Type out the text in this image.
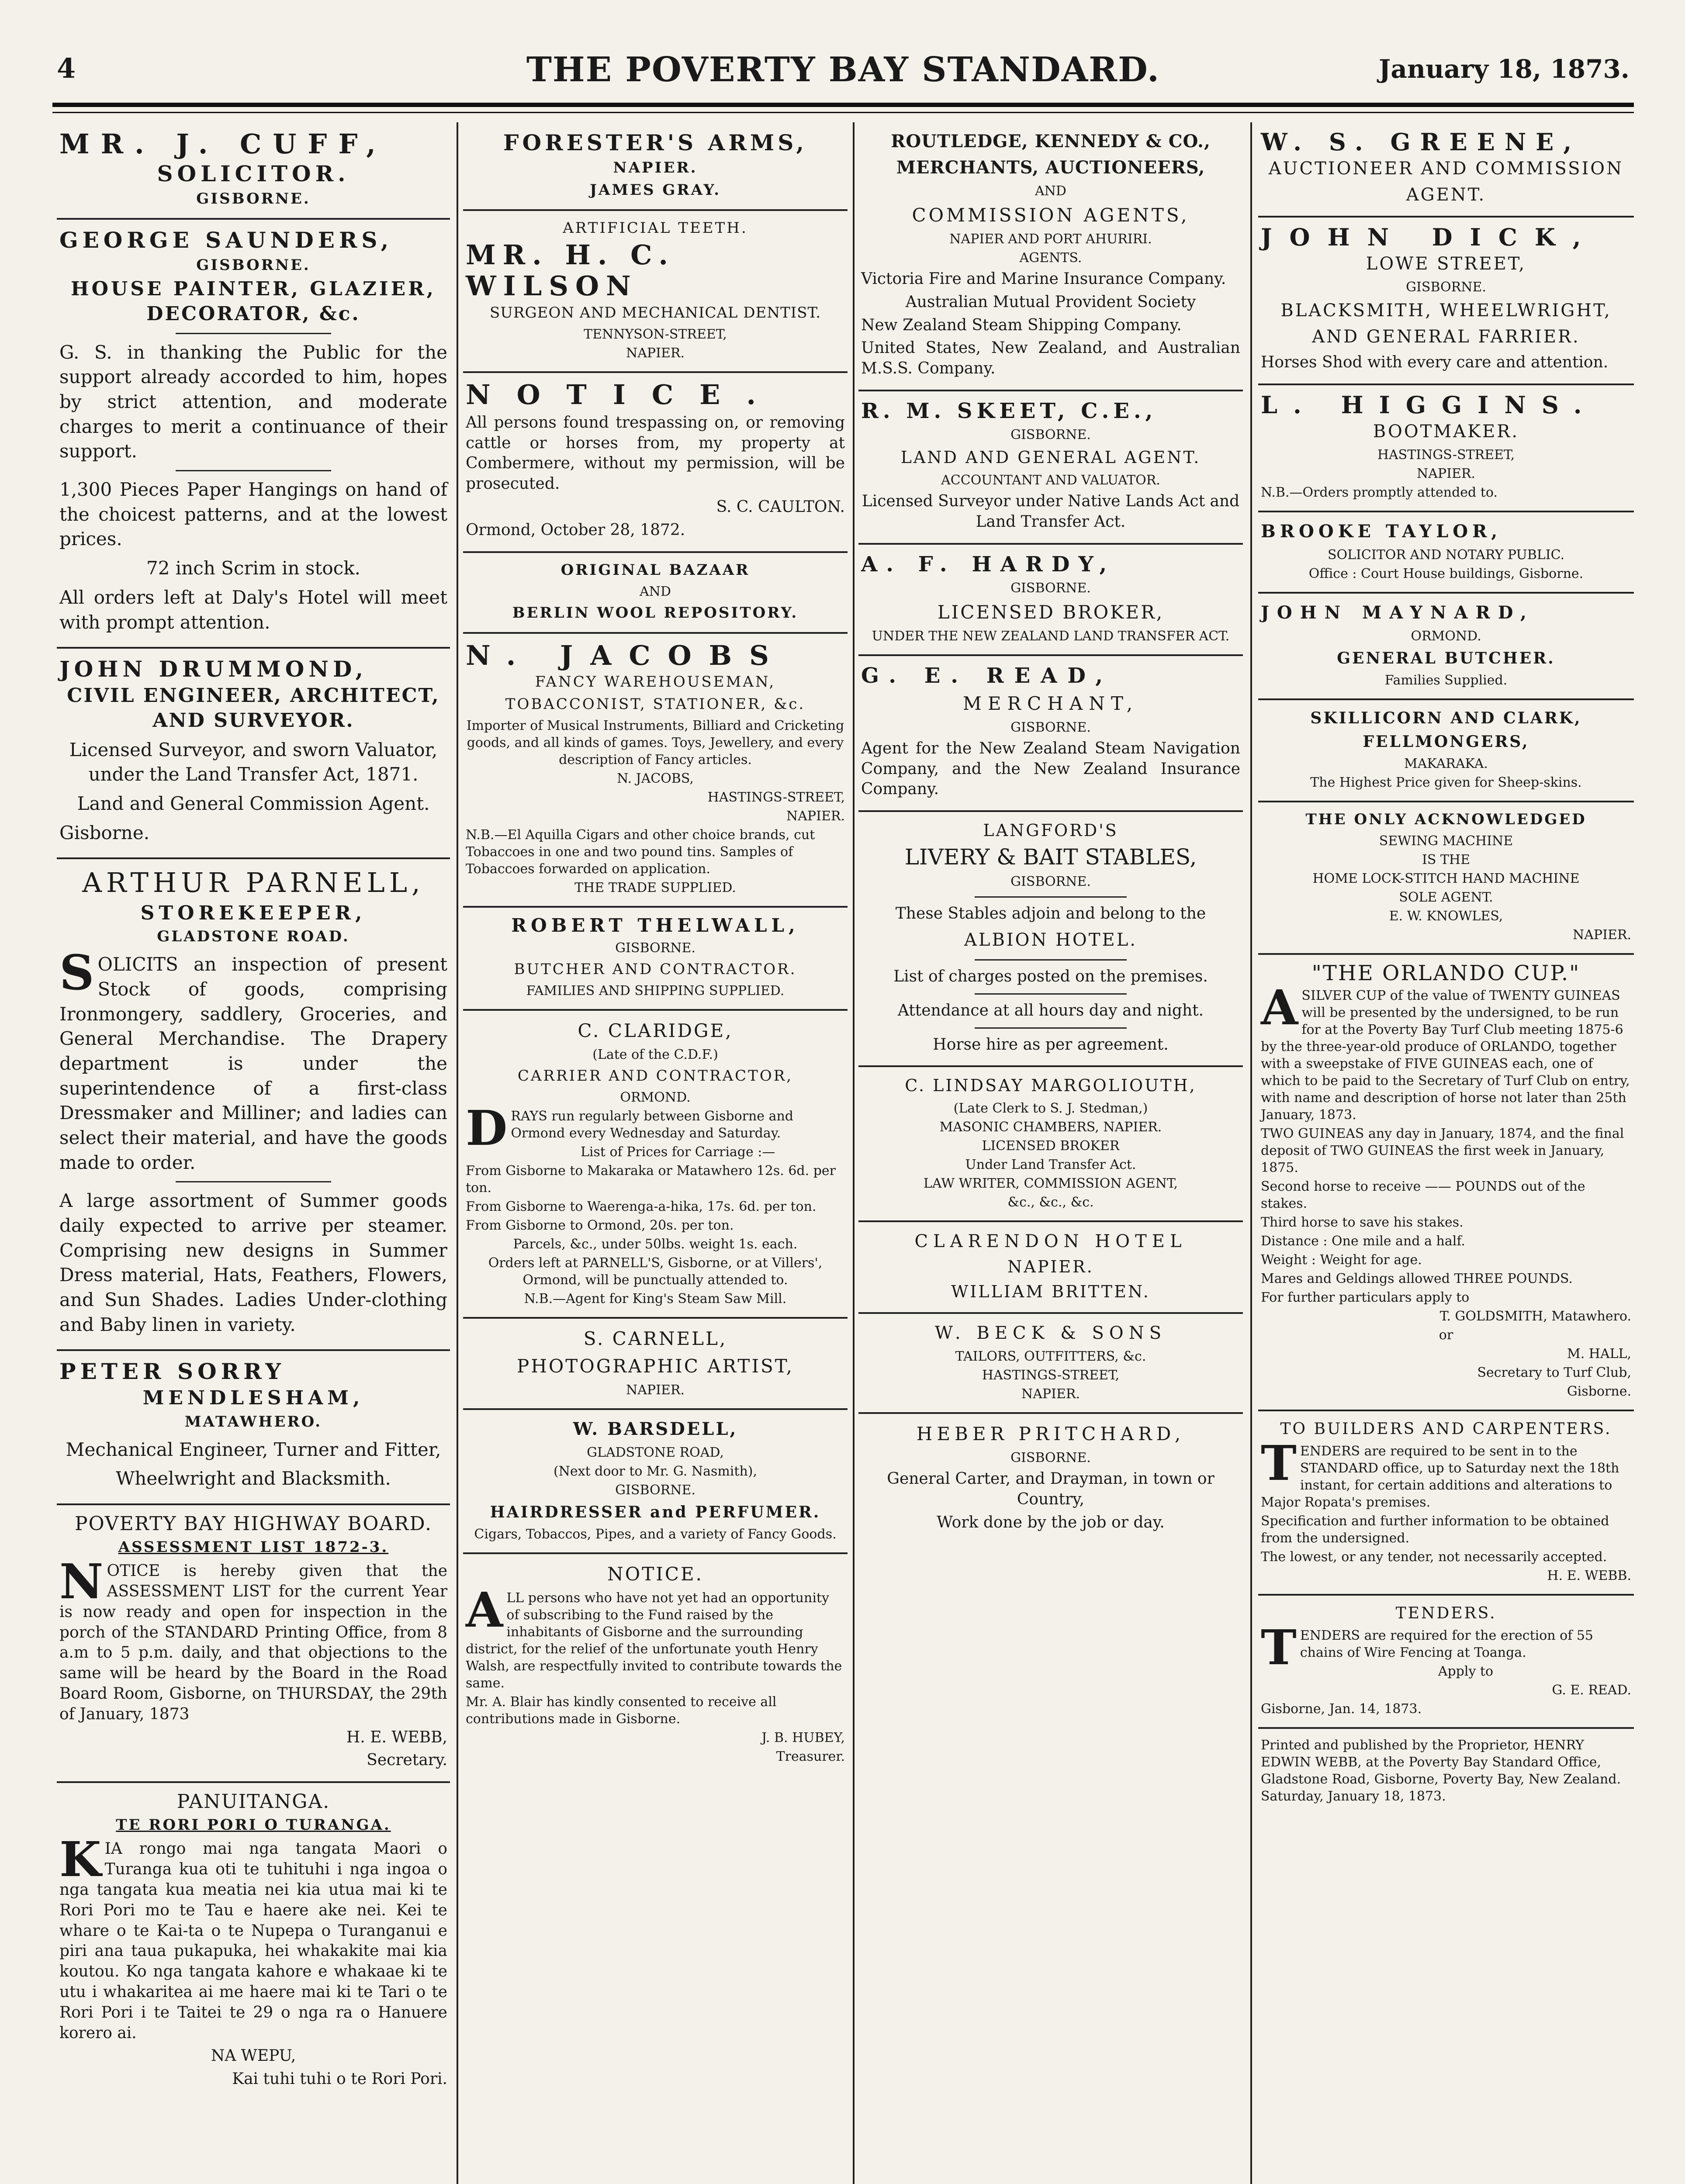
4	THE POVERTY BAY STANDARD.	January 18, 1873.
MR. J. CUFF,
SOLICITOR.
GISBORNE.
GEORGE SAUNDERS,
GISBORNE.
HOUSE PAINTER, GLAZIER,
DECORATOR, &c.

G. S. in thanking the Public for the support already accorded to him, hopes by strict attention, and moderate charges to merit a continuance of their support.

1,300 Pieces Paper Hangings on hand of the choicest patterns, and at the lowest prices.

72 inch Scrim in stock.

All orders left at Daly's Hotel will meet with prompt attention.

JOHN DRUMMOND,
CIVIL ENGINEER, ARCHITECT, AND SURVEYOR.

Licensed Surveyor, and sworn Valuator, under the Land Transfer Act, 1871.

Land and General Commission Agent.

Gisborne.

ARTHUR PARNELL,
STOREKEEPER,
GLADSTONE ROAD.

SOLICITS an inspection of present Stock of goods, comprising Ironmongery, saddlery, Groceries, and General Merchandise. The Drapery department is under the superintendence of a first-class Dressmaker and Milliner; and ladies can select their material, and have the goods made to order.

A large assortment of Summer goods daily expected to arrive per steamer. Comprising new designs in Summer Dress material, Hats, Feathers, Flowers, and Sun Shades. Ladies Under-clothing and Baby linen in variety.

PETER SORRY
MENDLESHAM,
MATAWHERO.

Mechanical Engineer, Turner and Fitter,

Wheelwright and Blacksmith.

POVERTY BAY HIGHWAY BOARD.
ASSESSMENT LIST 1872-3.

NOTICE is hereby given that the ASSESSMENT LIST for the current Year is now ready and open for inspection in the porch of the STANDARD Printing Office, from 8 a.m to 5 p.m. daily, and that objections to the same will be heard by the Board in the Road Board Room, Gisborne, on THURSDAY, the 29th of January, 1873

H. E. WEBB,

Secretary.

PANUITANGA.
TE RORI PORI O TURANGA.

KIA rongo mai nga tangata Maori o Turanga kua oti te tuhituhi i nga ingoa o nga tangata kua meatia nei kia utua mai ki te Rori Pori mo te Tau e haere ake nei. Kei te whare o te Kai-ta o te Nupepa o Turanganui e piri ana taua pukapuka, hei whakakite mai kia koutou. Ko nga tangata kahore e whakaae ki te utu i whakaritea ai me haere mai ki te Tari o te Rori Pori i te Taitei te 29 o nga ra o Hanuere korero ai.

NA WEPU,

Kai tuhi tuhi o te Rori Pori.

FORESTER'S ARMS,
NAPIER.
JAMES GRAY.
ARTIFICIAL TEETH.
MR. H. C. WILSON
SURGEON AND MECHANICAL DENTIST.
TENNYSON-STREET,
NAPIER.
NOTICE.

All persons found trespassing on, or removing cattle or horses from, my property at Combermere, without my permission, will be prosecuted.

S. C. CAULTON.

Ormond, October 28, 1872.

ORIGINAL BAZAAR
AND
BERLIN WOOL REPOSITORY.
N. JACOBS
FANCY WAREHOUSEMAN,
TOBACCONIST, STATIONER, &c.

Importer of Musical Instruments, Billiard and Cricketing goods, and all kinds of games. Toys, Jewellery, and every description of Fancy articles.

N. JACOBS,

HASTINGS-STREET,

NAPIER.

N.B.—El Aquilla Cigars and other choice brands, cut Tobaccoes in one and two pound tins. Samples of Tobaccoes forwarded on application.

THE TRADE SUPPLIED.

ROBERT THELWALL,
GISBORNE.
BUTCHER AND CONTRACTOR.
FAMILIES AND SHIPPING SUPPLIED.
C. CLARIDGE,
(Late of the C.D.F.)
CARRIER AND CONTRACTOR,
ORMOND.

DRAYS run regularly between Gisborne and Ormond every Wednesday and Saturday.

List of Prices for Carriage :—

From Gisborne to Makaraka or Matawhero 12s. 6d. per ton.

From Gisborne to Waerenga-a-hika, 17s. 6d. per ton.

From Gisborne to Ormond, 20s. per ton.

Parcels, &c., under 50lbs. weight 1s. each.

Orders left at PARNELL'S, Gisborne, or at Villers', Ormond, will be punctually attended to.

N.B.—Agent for King's Steam Saw Mill.

S. CARNELL,
PHOTOGRAPHIC ARTIST,
NAPIER.
W. BARSDELL,
GLADSTONE ROAD,
(Next door to Mr. G. Nasmith),
GISBORNE.
HAIRDRESSER and PERFUMER.
Cigars, Tobaccos, Pipes, and a variety of Fancy Goods.
NOTICE.

ALL persons who have not yet had an opportunity of subscribing to the Fund raised by the inhabitants of Gisborne and the surrounding district, for the relief of the unfortunate youth Henry Walsh, are respectfully invited to contribute towards the same.

Mr. A. Blair has kindly consented to receive all contributions made in Gisborne.

J. B. HUBEY,

Treasurer.

ROUTLEDGE, KENNEDY & CO.,
MERCHANTS, AUCTIONEERS,
AND
COMMISSION AGENTS,
NAPIER AND PORT AHURIRI.
AGENTS.

Victoria Fire and Marine Insurance Company.

Australian Mutual Provident Society

New Zealand Steam Shipping Company.

United States, New Zealand, and Australian M.S.S. Company.

R. M. SKEET, C.E.,
GISBORNE.
LAND AND GENERAL AGENT.
ACCOUNTANT AND VALUATOR.

Licensed Surveyor under Native Lands Act and Land Transfer Act.

A. F. HARDY,
GISBORNE.
LICENSED BROKER,
UNDER THE NEW ZEALAND LAND TRANSFER ACT.
G. E. READ,
MERCHANT,
GISBORNE.

Agent for the New Zealand Steam Navigation Company, and the New Zealand Insurance Company.

LANGFORD'S
LIVERY & BAIT STABLES,
GISBORNE.

These Stables adjoin and belong to the

ALBION HOTEL.

List of charges posted on the premises.

Attendance at all hours day and night.

Horse hire as per agreement.

C. LINDSAY MARGOLIOUTH,
(Late Clerk to S. J. Stedman,)
MASONIC CHAMBERS, NAPIER.
LICENSED BROKER
Under Land Transfer Act.
LAW WRITER, COMMISSION AGENT,
&c., &c., &c.
CLARENDON HOTEL
NAPIER.
WILLIAM BRITTEN.
W. BECK & SONS
TAILORS, OUTFITTERS, &c.
HASTINGS-STREET,
NAPIER.
HEBER PRITCHARD,
GISBORNE.

General Carter, and Drayman, in town or Country,

Work done by the job or day.

W. S. GREENE,
AUCTIONEER AND COMMISSION AGENT.
JOHN DICK,
LOWE STREET,
GISBORNE.
BLACKSMITH, WHEELWRIGHT, AND GENERAL FARRIER.

Horses Shod with every care and attention.

L. HIGGINS.
BOOTMAKER.
HASTINGS-STREET,
NAPIER.
N.B.—Orders promptly attended to.
BROOKE TAYLOR,
SOLICITOR AND NOTARY PUBLIC.
Office : Court House buildings, Gisborne.
JOHN MAYNARD,
ORMOND.
GENERAL BUTCHER.
Families Supplied.
SKILLICORN AND CLARK,
FELLMONGERS,
MAKARAKA.
The Highest Price given for Sheep-skins.
THE ONLY ACKNOWLEDGED
SEWING MACHINE
IS THE
HOME LOCK-STITCH HAND MACHINE
SOLE AGENT.
E. W. KNOWLES,
NAPIER.
"THE ORLANDO CUP."

ASILVER CUP of the value of TWENTY GUINEAS will be presented by the undersigned, to be run for at the Poverty Bay Turf Club meeting 1875-6 by the three-year-old produce of ORLANDO, together with a sweepstake of FIVE GUINEAS each, one of which to be paid to the Secretary of Turf Club on entry, with name and description of horse not later than 25th January, 1873.

TWO GUINEAS any day in January, 1874, and the final deposit of TWO GUINEAS the first week in January, 1875.

Second horse to receive —— POUNDS out of the stakes.

Third horse to save his stakes.

Distance : One mile and a half.

Weight : Weight for age.

Mares and Geldings allowed THREE POUNDS.

For further particulars apply to

T. GOLDSMITH, Matawhero.

or

M. HALL,

Secretary to Turf Club,

Gisborne.

TO BUILDERS AND CARPENTERS.

TENDERS are required to be sent in to the STANDARD office, up to Saturday next the 18th instant, for certain additions and alterations to Major Ropata's premises.

Specification and further information to be obtained from the undersigned.

The lowest, or any tender, not necessarily accepted.

H. E. WEBB.

TENDERS.

TENDERS are required for the erection of 55 chains of Wire Fencing at Toanga.

Apply to

G. E. READ.

Gisborne, Jan. 14, 1873.

Printed and published by the Proprietor, HENRY EDWIN WEBB, at the Poverty Bay Standard Office, Gladstone Road, Gisborne, Poverty Bay, New Zealand. Saturday, January 18, 1873.
